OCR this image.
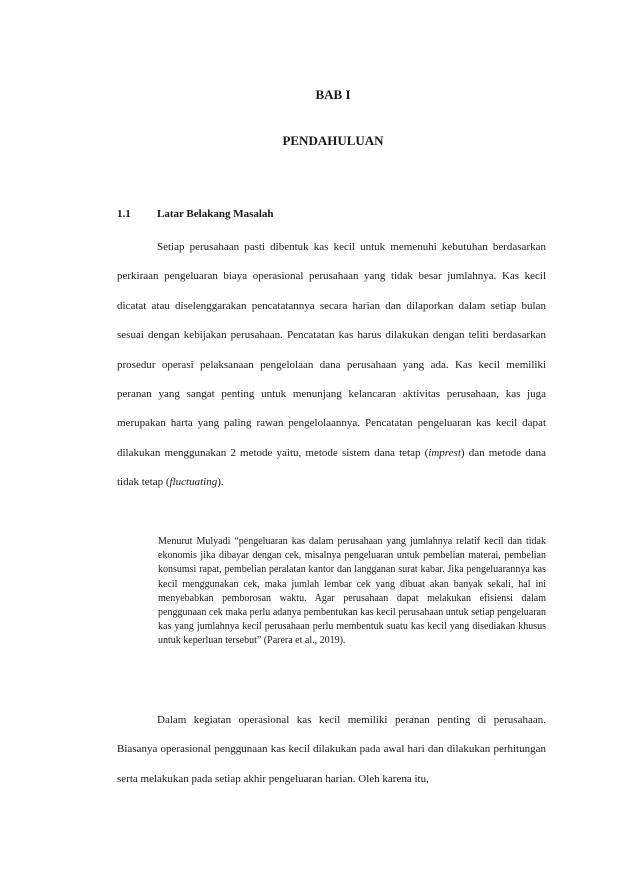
BAB I
PENDAHULUAN
1.1 Latar Belakang Masalah

Setiap perusahaan pasti dibentuk kas kecil untuk memenuhi kebutuhan berdasarkan perkiraan pengeluaran biaya operasional perusahaan yang tidak besar jumlahnya. Kas kecil dicatat atau diselenggarakan pencatatannya secara harian dan dilaporkan dalam setiap bulan sesuai dengan kebijakan perusahaan. Pencatatan kas harus dilakukan dengan teliti berdasarkan prosedur operasi pelaksanaan pengelolaan dana perusahaan yang ada. Kas kecil memiliki peranan yang sangat penting untuk menunjang kelancaran aktivitas perusahaan, kas juga merupakan harta yang paling rawan pengelolaannya. Pencatatan pengeluaran kas kecil dapat dilakukan menggunakan 2 metode yaitu, metode sistem dana tetap (imprest) dan metode dana tidak tetap (fluctuating).

Menurut Mulyadi “pengeluaran kas dalam perusahaan yang jumlahnya relatif kecil dan tidak ekonomis jika dibayar dengan cek, misalnya pengeluaran untuk pembelian materai, pembelian konsumsi rapat, pembelian peralatan kantor dan langganan surat kabar. Jika pengeluarannya kas kecil menggunakan cek, maka jumlah lembar cek yang dibuat akan banyak sekali, hal ini menyebabkan pemborosan waktu. Agar perusahaan dapat melakukan efisiensi dalam penggunaan cek maka perlu adanya pembentukan kas kecil perusahaan untuk setiap pengeluaran kas yang jumlahnya kecil perusahaan perlu membentuk suatu kas kecil yang disediakan khusus untuk keperluan tersebut” (Parera et al., 2019).

Dalam kegiatan operasional kas kecil memiliki peranan penting di perusahaan. Biasanya operasional penggunaan kas kecil dilakukan pada awal hari dan dilakukan perhitungan serta melakukan pada setiap akhir pengeluaran harian. Oleh karena itu,
